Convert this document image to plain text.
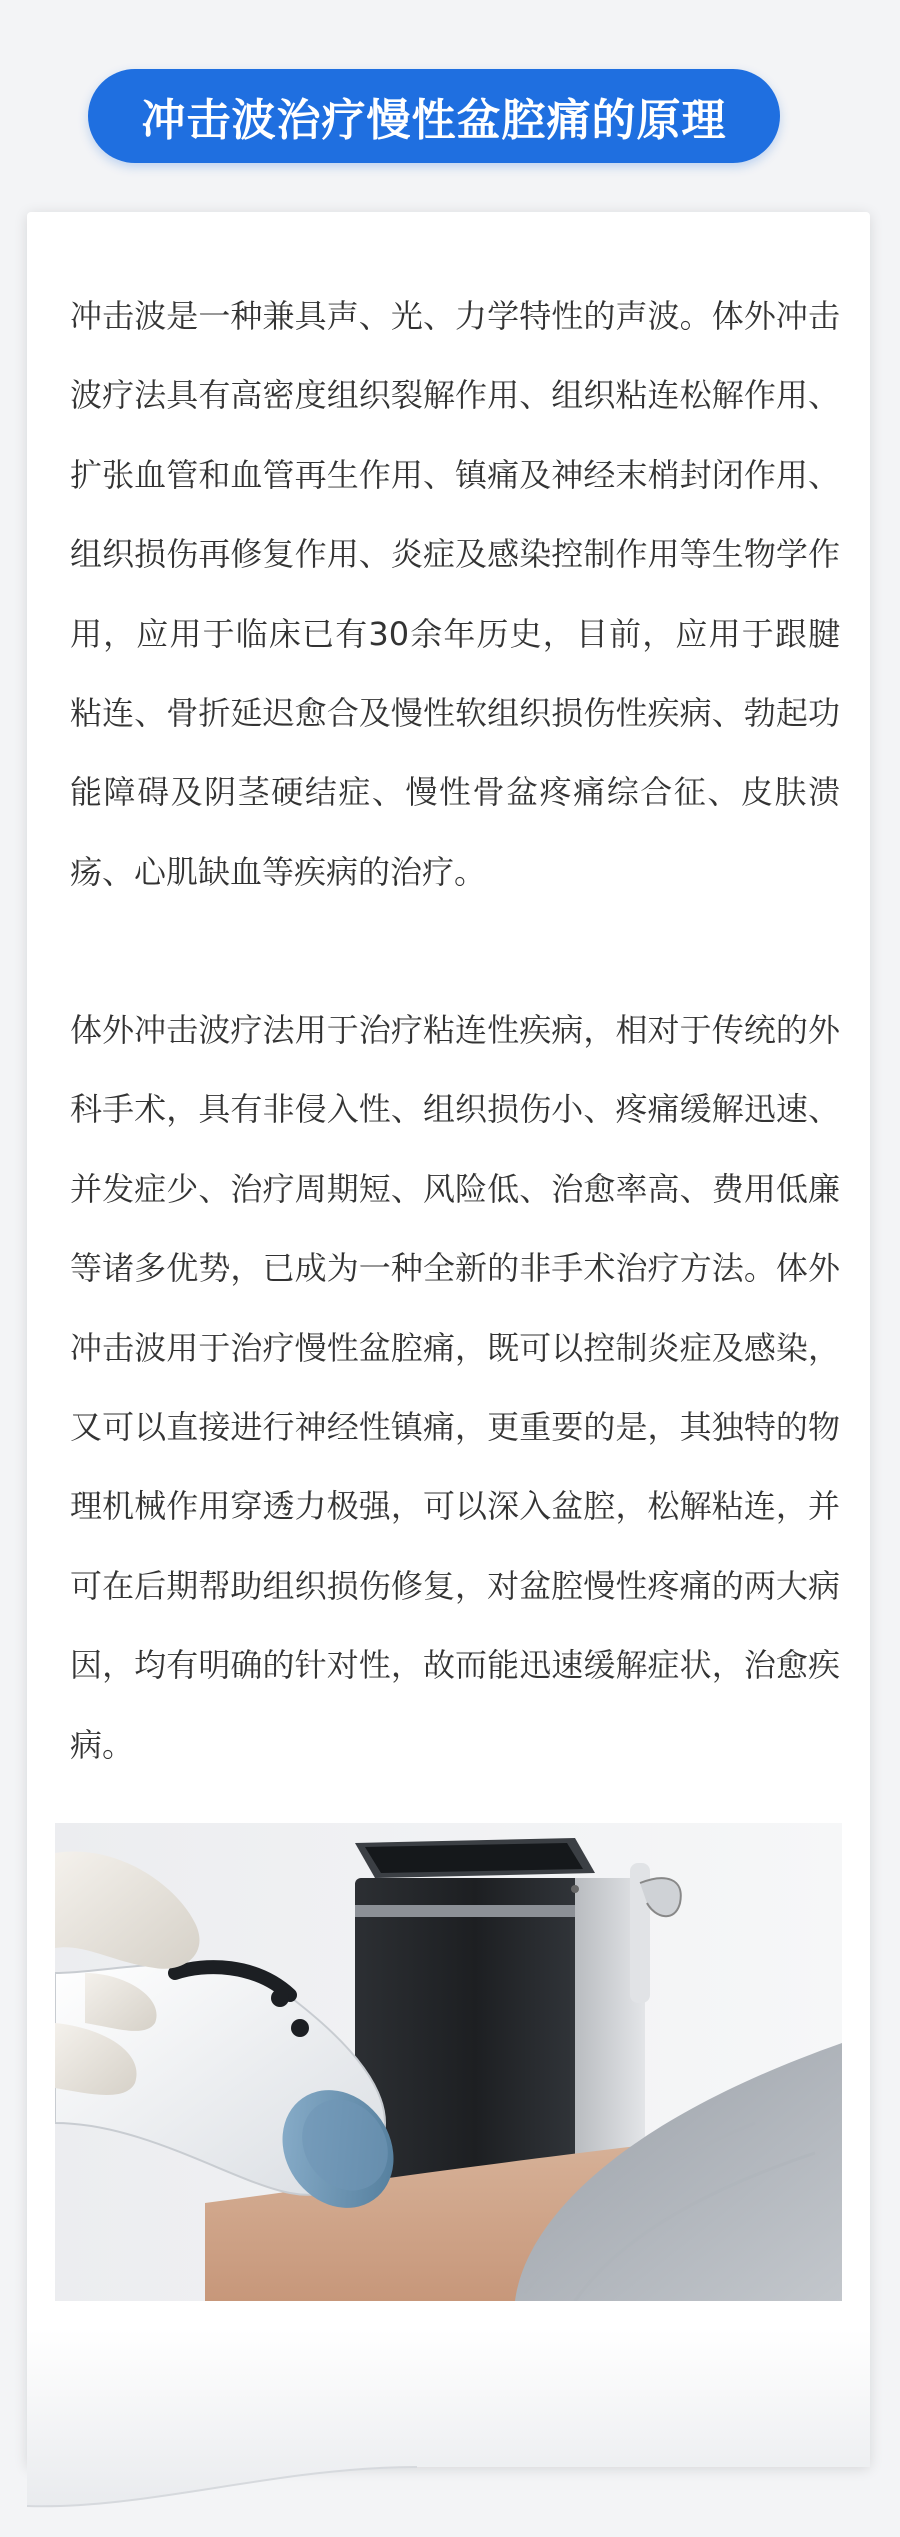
冲击波治疗慢性盆腔痛的原理

冲击波是一种兼具声、光、力学特性的声波。体外冲击波疗法具有高密度组织裂解作用、组织粘连松解作用、扩张血管和血管再生作用、镇痛及神经末梢封闭作用、组织损伤再修复作用、炎症及感染控制作用等生物学作用，应用于临床已有30余年历史，目前，应用于跟腱粘连、骨折延迟愈合及慢性软组织损伤性疾病、勃起功能障碍及阴茎硬结症、慢性骨盆疼痛综合征、皮肤溃疡、心肌缺血等疾病的治疗。

体外冲击波疗法用于治疗粘连性疾病，相对于传统的外科手术，具有非侵入性、组织损伤小、疼痛缓解迅速、并发症少、治疗周期短、风险低、治愈率高、费用低廉等诸多优势，已成为一种全新的非手术治疗方法。体外冲击波用于治疗慢性盆腔痛，既可以控制炎症及感染，又可以直接进行神经性镇痛，更重要的是，其独特的物理机械作用穿透力极强，可以深入盆腔，松解粘连，并可在后期帮助组织损伤修复，对盆腔慢性疼痛的两大病因，均有明确的针对性，故而能迅速缓解症状，治愈疾病。
